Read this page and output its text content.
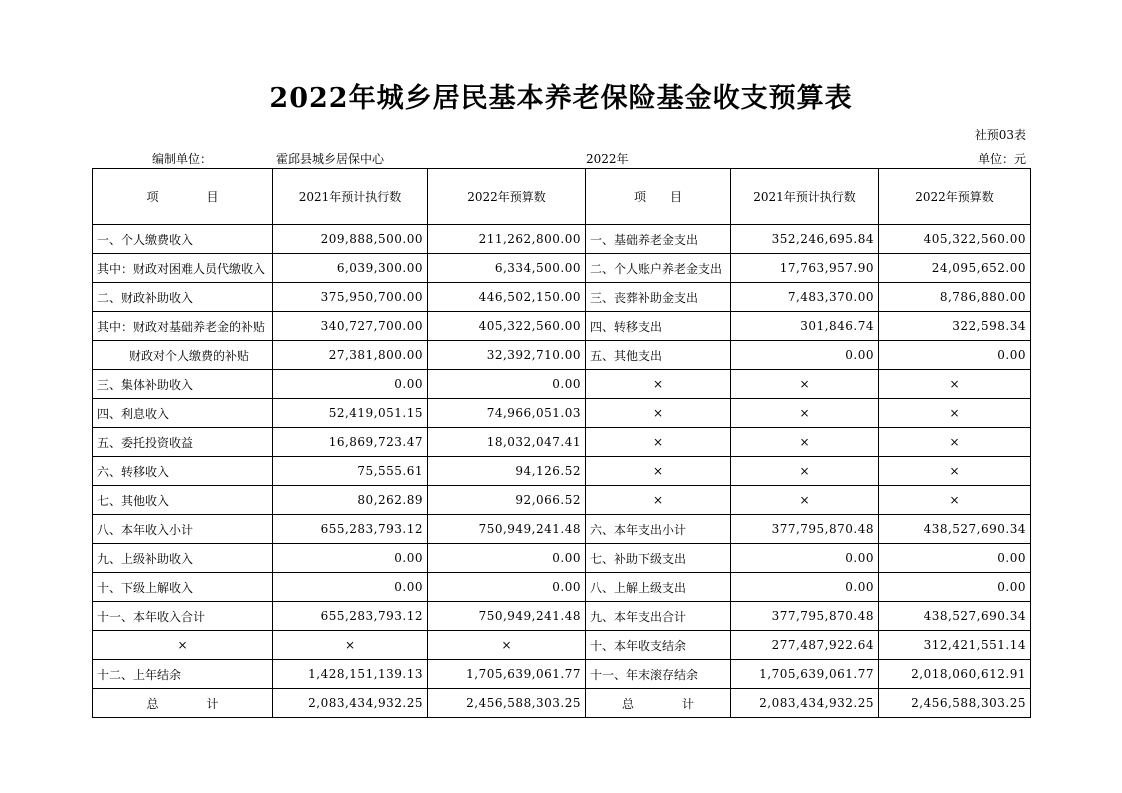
2022年城乡居民基本养老保险基金收支预算表
社预03表
编制单位：	霍邱县城乡居保中心	2022年	单位：元
项　　　　目	2021年预计执行数	2022年预算数	项　　目	2021年预计执行数	2022年预算数
一、个人缴费收入	209,888,500.00	211,262,800.00	一、基础养老金支出	352,246,695.84	405,322,560.00
其中：财政对困难人员代缴收入	6,039,300.00	6,334,500.00	二、个人账户养老金支出	17,763,957.90	24,095,652.00
二、财政补助收入	375,950,700.00	446,502,150.00	三、丧葬补助金支出	7,483,370.00	8,786,880.00
其中：财政对基础养老金的补贴	340,727,700.00	405,322,560.00	四、转移支出	301,846.74	322,598.34
财政对个人缴费的补贴	27,381,800.00	32,392,710.00	五、其他支出	0.00	0.00
三、集体补助收入	0.00	0.00	×	×	×
四、利息收入	52,419,051.15	74,966,051.03	×	×	×
五、委托投资收益	16,869,723.47	18,032,047.41	×	×	×
六、转移收入	75,555.61	94,126.52	×	×	×
七、其他收入	80,262.89	92,066.52	×	×	×
八、本年收入小计	655,283,793.12	750,949,241.48	六、本年支出小计	377,795,870.48	438,527,690.34
九、上级补助收入	0.00	0.00	七、补助下级支出	0.00	0.00
十、下级上解收入	0.00	0.00	八、上解上级支出	0.00	0.00
十一、本年收入合计	655,283,793.12	750,949,241.48	九、本年支出合计	377,795,870.48	438,527,690.34
×	×	×	十、本年收支结余	277,487,922.64	312,421,551.14
十二、上年结余	1,428,151,139.13	1,705,639,061.77	十一、年末滚存结余	1,705,639,061.77	2,018,060,612.91
总　　　　计	2,083,434,932.25	2,456,588,303.25	总　　　　计	2,083,434,932.25	2,456,588,303.25
